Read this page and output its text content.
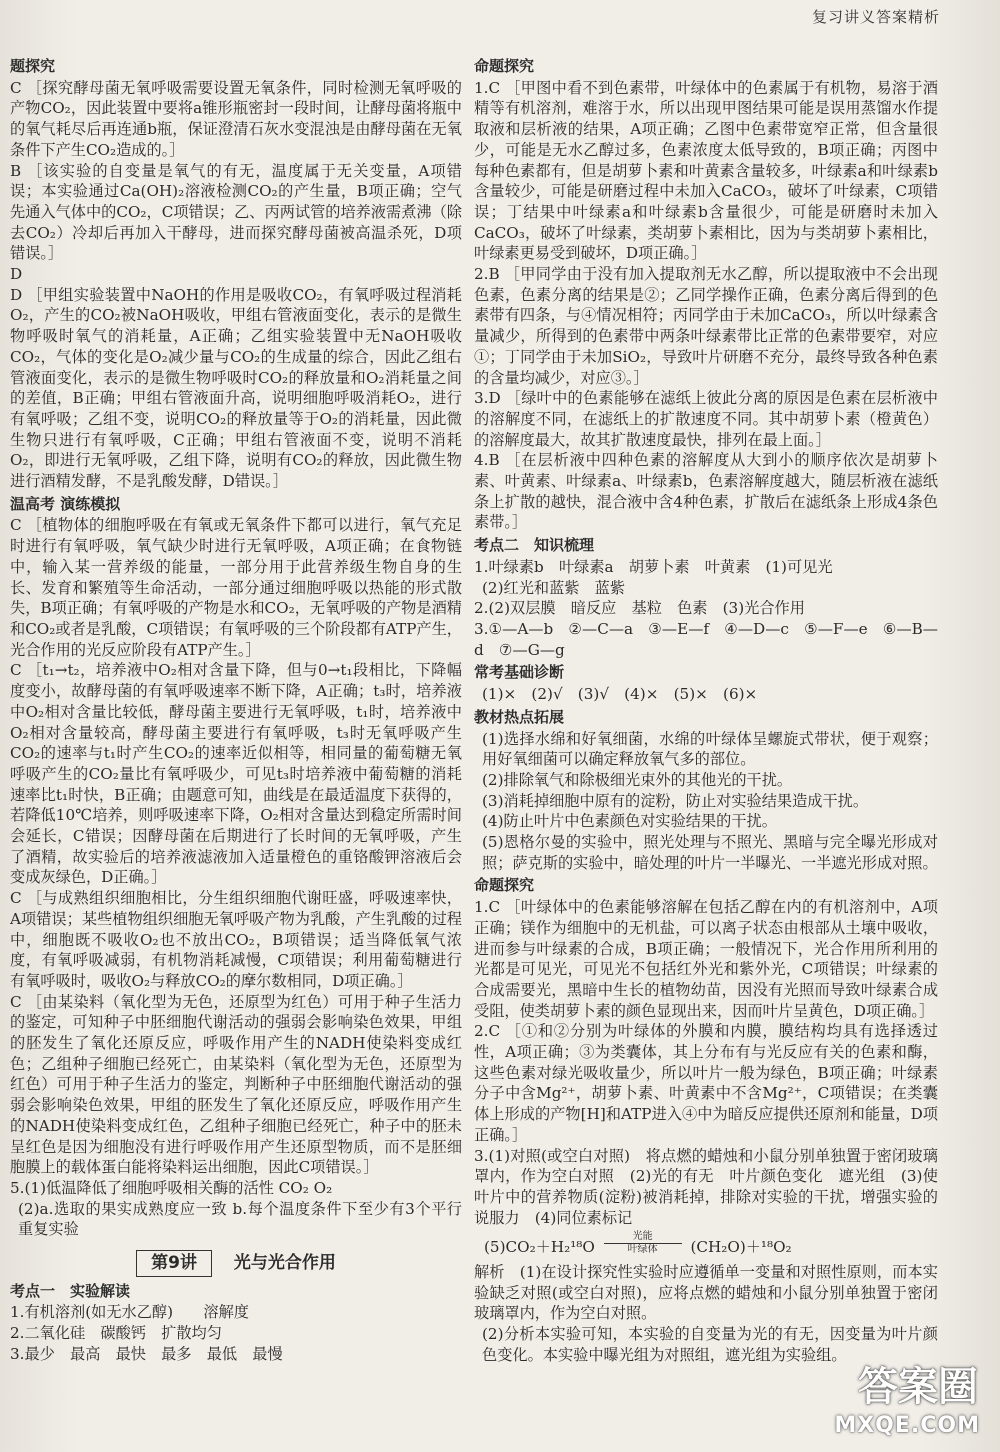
复习讲义答案精析
题探究

C ［探究酵母菌无氧呼吸需要设置无氧条件，同时检测无氧呼吸的产物CO₂，因此装置中要将a锥形瓶密封一段时间，让酵母菌将瓶中的氧气耗尽后再连通b瓶，保证澄清石灰水变混浊是由酵母菌在无氧条件下产生CO₂造成的。］

B ［该实验的自变量是氧气的有无，温度属于无关变量，A项错误；本实验通过Ca(OH)₂溶液检测CO₂的产生量，B项正确；空气先通入气体中的CO₂，C项错误；乙、丙两试管的培养液需煮沸（除去CO₂）冷却后再加入干酵母，进而探究酵母菌被高温杀死，D项错误。］

D

D ［甲组实验装置中NaOH的作用是吸收CO₂，有氧呼吸过程消耗O₂，产生的CO₂被NaOH吸收，甲组右管液面变化，表示的是微生物呼吸时氧气的消耗量，A正确；乙组实验装置中无NaOH吸收CO₂，气体的变化是O₂减少量与CO₂的生成量的综合，因此乙组右管液面变化，表示的是微生物呼吸时CO₂的释放量和O₂消耗量之间的差值，B正确；甲组右管液面升高，说明细胞呼吸消耗O₂，进行有氧呼吸；乙组不变，说明CO₂的释放量等于O₂的消耗量，因此微生物只进行有氧呼吸，C正确；甲组右管液面不变，说明不消耗O₂，即进行无氧呼吸，乙组下降，说明有CO₂的释放，因此微生物进行酒精发酵，不是乳酸发酵，D错误。］

温高考 演练模拟

C ［植物体的细胞呼吸在有氧或无氧条件下都可以进行，氧气充足时进行有氧呼吸，氧气缺少时进行无氧呼吸，A项正确；在食物链中，输入某一营养级的能量，一部分用于此营养级生物自身的生长、发育和繁殖等生命活动，一部分通过细胞呼吸以热能的形式散失，B项正确；有氧呼吸的产物是水和CO₂，无氧呼吸的产物是酒精和CO₂或者是乳酸，C项错误；有氧呼吸的三个阶段都有ATP产生，光合作用的光反应阶段有ATP产生。］

C ［t₁→t₂，培养液中O₂相对含量下降，但与0→t₁段相比，下降幅度变小，故酵母菌的有氧呼吸速率不断下降，A正确；t₃时，培养液中O₂相对含量比较低，酵母菌主要进行无氧呼吸，t₁时，培养液中O₂相对含量较高，酵母菌主要进行有氧呼吸，t₃时无氧呼吸产生CO₂的速率与t₁时产生CO₂的速率近似相等，相同量的葡萄糖无氧呼吸产生的CO₂量比有氧呼吸少，可见t₃时培养液中葡萄糖的消耗速率比t₁时快，B正确；由题意可知，曲线是在最适温度下获得的，若降低10℃培养，则呼吸速率下降，O₂相对含量达到稳定所需时间会延长，C错误；因酵母菌在后期进行了长时间的无氧呼吸，产生了酒精，故实验后的培养液滤液加入适量橙色的重铬酸钾溶液后会变成灰绿色，D正确。］

C ［与成熟组织细胞相比，分生组织细胞代谢旺盛，呼吸速率快，A项错误；某些植物组织细胞无氧呼吸产物为乳酸，产生乳酸的过程中，细胞既不吸收O₂也不放出CO₂，B项错误；适当降低氧气浓度，有氧呼吸减弱，有机物消耗减慢，C项错误；利用葡萄糖进行有氧呼吸时，吸收O₂与释放CO₂的摩尔数相同，D项正确。］

C ［由某染料（氧化型为无色，还原型为红色）可用于种子生活力的鉴定，可知种子中胚细胞代谢活动的强弱会影响染色效果，甲组的胚发生了氧化还原反应，呼吸作用产生的NADH使染料变成红色；乙组种子细胞已经死亡，由某染料（氧化型为无色，还原型为红色）可用于种子生活力的鉴定，判断种子中胚细胞代谢活动的强弱会影响染色效果，甲组的胚发生了氧化还原反应，呼吸作用产生的NADH使染料变成红色，乙组种子细胞已经死亡，种子中的胚未呈红色是因为细胞没有进行呼吸作用产生还原型物质，而不是胚细胞膜上的载体蛋白能将染料运出细胞，因此C项错误。］

5.(1)低温降低了细胞呼吸相关酶的活性 CO₂ O₂

(2)a.选取的果实成熟度应一致 b.每个温度条件下至少有3个平行重复实验

第9讲 光与光合作用
考点一　实验解读

1.有机溶剂(如无水乙醇)　　溶解度

2.二氧化硅　碳酸钙　扩散均匀

3.最少　最高　最快　最多　最低　最慢

命题探究

1.C ［甲图中看不到色素带，叶绿体中的色素属于有机物，易溶于酒精等有机溶剂，难溶于水，所以出现甲图结果可能是误用蒸馏水作提取液和层析液的结果，A项正确；乙图中色素带宽窄正常，但含量很少，可能是无水乙醇过多，色素浓度太低导致的，B项正确；丙图中每种色素都有，但是胡萝卜素和叶黄素含量较多，叶绿素a和叶绿素b含量较少，可能是研磨过程中未加入CaCO₃，破坏了叶绿素，C项错误；丁结果中叶绿素a和叶绿素b含量很少，可能是研磨时未加入CaCO₃，破坏了叶绿素，类胡萝卜素相比，因为与类胡萝卜素相比，叶绿素更易受到破坏，D项正确。］

2.B ［甲同学由于没有加入提取剂无水乙醇，所以提取液中不会出现色素，色素分离的结果是②；乙同学操作正确，色素分离后得到的色素带有四条，与④情况相符；丙同学由于未加CaCO₃，所以叶绿素含量减少，所得到的色素带中两条叶绿素带比正常的色素带要窄，对应①；丁同学由于未加SiO₂，导致叶片研磨不充分，最终导致各种色素的含量均减少，对应③。］

3.D ［绿叶中的色素能够在滤纸上彼此分离的原因是色素在层析液中的溶解度不同，在滤纸上的扩散速度不同。其中胡萝卜素（橙黄色）的溶解度最大，故其扩散速度最快，排列在最上面。］

4.B ［在层析液中四种色素的溶解度从大到小的顺序依次是胡萝卜素、叶黄素、叶绿素a、叶绿素b，色素溶解度越大，随层析液在滤纸条上扩散的越快，混合液中含4种色素，扩散后在滤纸条上形成4条色素带。］

考点二　知识梳理

1.叶绿素b　叶绿素a　胡萝卜素　叶黄素　(1)可见光

(2)红光和蓝紫　蓝紫

2.(2)双层膜　暗反应　基粒　色素　(3)光合作用

3.①—A—b　②—C—a　③—E—f　④—D—c　⑤—F—e　⑥—B—d　⑦—G—g

常考基础诊断

(1)×　(2)√　(3)√　(4)×　(5)×　(6)×

教材热点拓展

(1)选择水绵和好氧细菌，水绵的叶绿体呈螺旋式带状，便于观察；用好氧细菌可以确定释放氧气多的部位。

(2)排除氧气和除极细光束外的其他光的干扰。

(3)消耗掉细胞中原有的淀粉，防止对实验结果造成干扰。

(4)防止叶片中色素颜色对实验结果的干扰。

(5)恩格尔曼的实验中，照光处理与不照光、黑暗与完全曝光形成对照；萨克斯的实验中，暗处理的叶片一半曝光、一半遮光形成对照。

命题探究

1.C ［叶绿体中的色素能够溶解在包括乙醇在内的有机溶剂中，A项正确；镁作为细胞中的无机盐，可以离子状态由根部从土壤中吸收，进而参与叶绿素的合成，B项正确；一般情况下，光合作用所利用的光都是可见光，可见光不包括红外光和紫外光，C项错误；叶绿素的合成需要光，黑暗中生长的植物幼苗，因没有光照而导致叶绿素合成受阻，使类胡萝卜素的颜色显现出来，因而叶片呈黄色，D项正确。］

2.C ［①和②分别为叶绿体的外膜和内膜，膜结构均具有选择透过性，A项正确；③为类囊体，其上分布有与光反应有关的色素和酶，这些色素对绿光吸收量少，所以叶片一般为绿色，B项正确；叶绿素分子中含Mg²⁺，胡萝卜素、叶黄素中不含Mg²⁺，C项错误；在类囊体上形成的产物[H]和ATP进入④中为暗反应提供还原剂和能量，D项正确。］

3.(1)对照(或空白对照)　将点燃的蜡烛和小鼠分别单独置于密闭玻璃罩内，作为空白对照　(2)光的有无　叶片颜色变化　遮光组　(3)使叶片中的营养物质(淀粉)被消耗掉，排除对实验的干扰，增强实验的说服力　(4)同位素标记

(5)CO₂＋H₂¹⁸O
光能
叶绿体	(CH₂O)＋¹⁸O₂

解析　(1)在设计探究性实验时应遵循单一变量和对照性原则，而本实验缺乏对照(或空白对照)，应将点燃的蜡烛和小鼠分别单独置于密闭玻璃罩内，作为空白对照。

(2)分析本实验可知，本实验的自变量为光的有无，因变量为叶片颜色变化。本实验中曝光组为对照组，遮光组为实验组。

答案圈
MXQE.COM
